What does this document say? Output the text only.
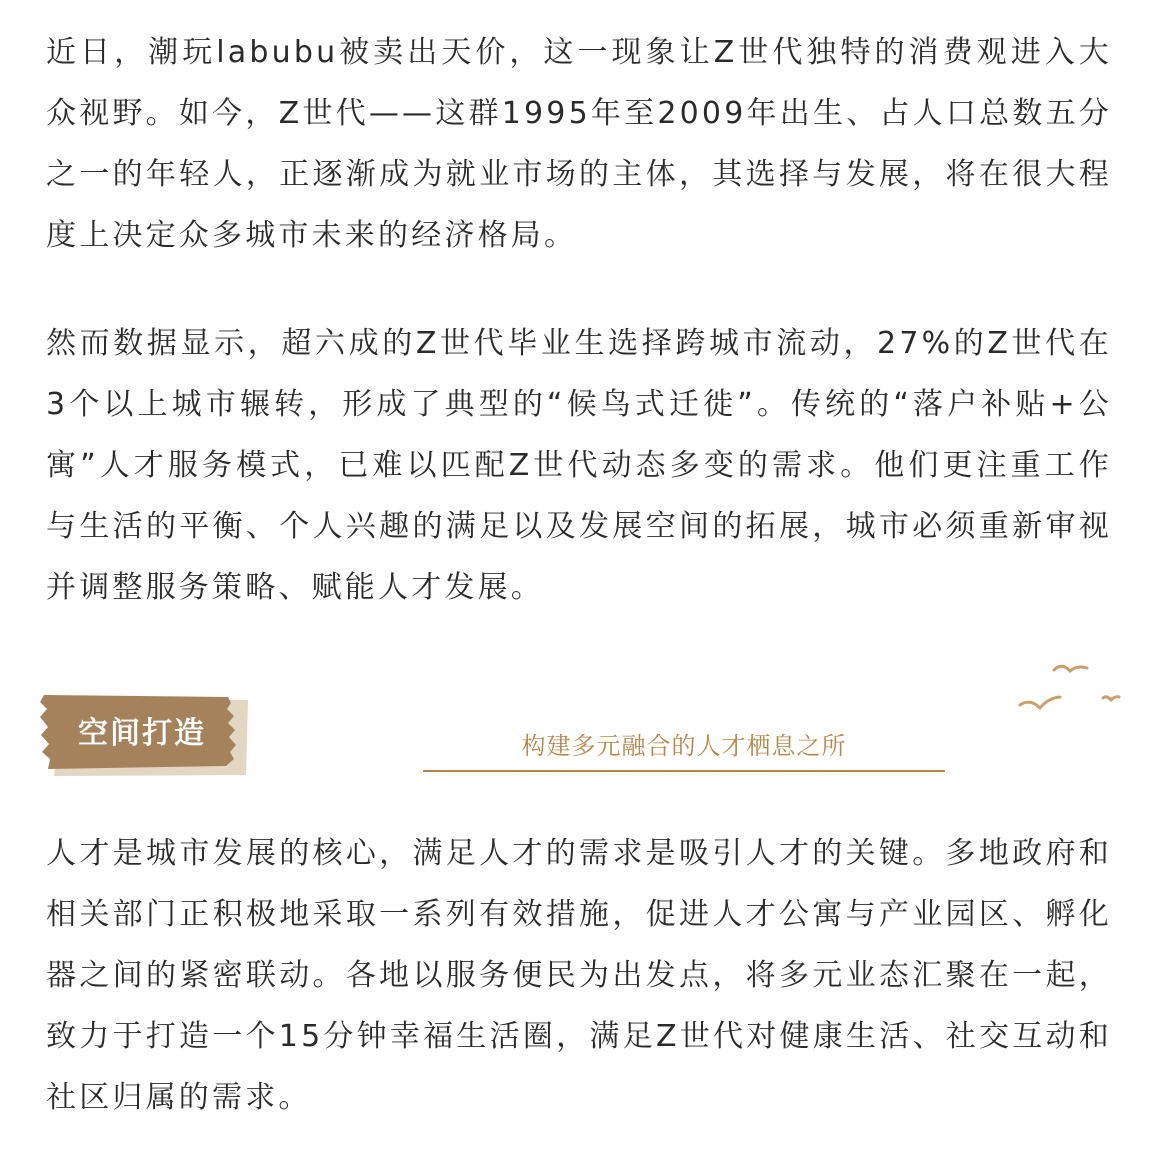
近日，潮玩labubu被卖出天价，这一现象让Z世代独特的消费观进入大众视野。如今，Z世代——这群1995年至2009年出生、占人口总数五分之一的年轻人，正逐渐成为就业市场的主体，其选择与发展，将在很大程度上决定众多城市未来的经济格局。

然而数据显示，超六成的Z世代毕业生选择跨城市流动，27%的Z世代在3个以上城市辗转，形成了典型的“候鸟式迁徙”。传统的“落户补贴+公寓”人才服务模式，已难以匹配Z世代动态多变的需求。他们更注重工作与生活的平衡、个人兴趣的满足以及发展空间的拓展，城市必须重新审视并调整服务策略、赋能人才发展。

空间打造	构建多元融合的人才栖息之所

人才是城市发展的核心，满足人才的需求是吸引人才的关键。多地政府和相关部门正积极地采取一系列有效措施，促进人才公寓与产业园区、孵化器之间的紧密联动。各地以服务便民为出发点，将多元业态汇聚在一起，致力于打造一个15分钟幸福生活圈，满足Z世代对健康生活、社交互动和社区归属的需求。
